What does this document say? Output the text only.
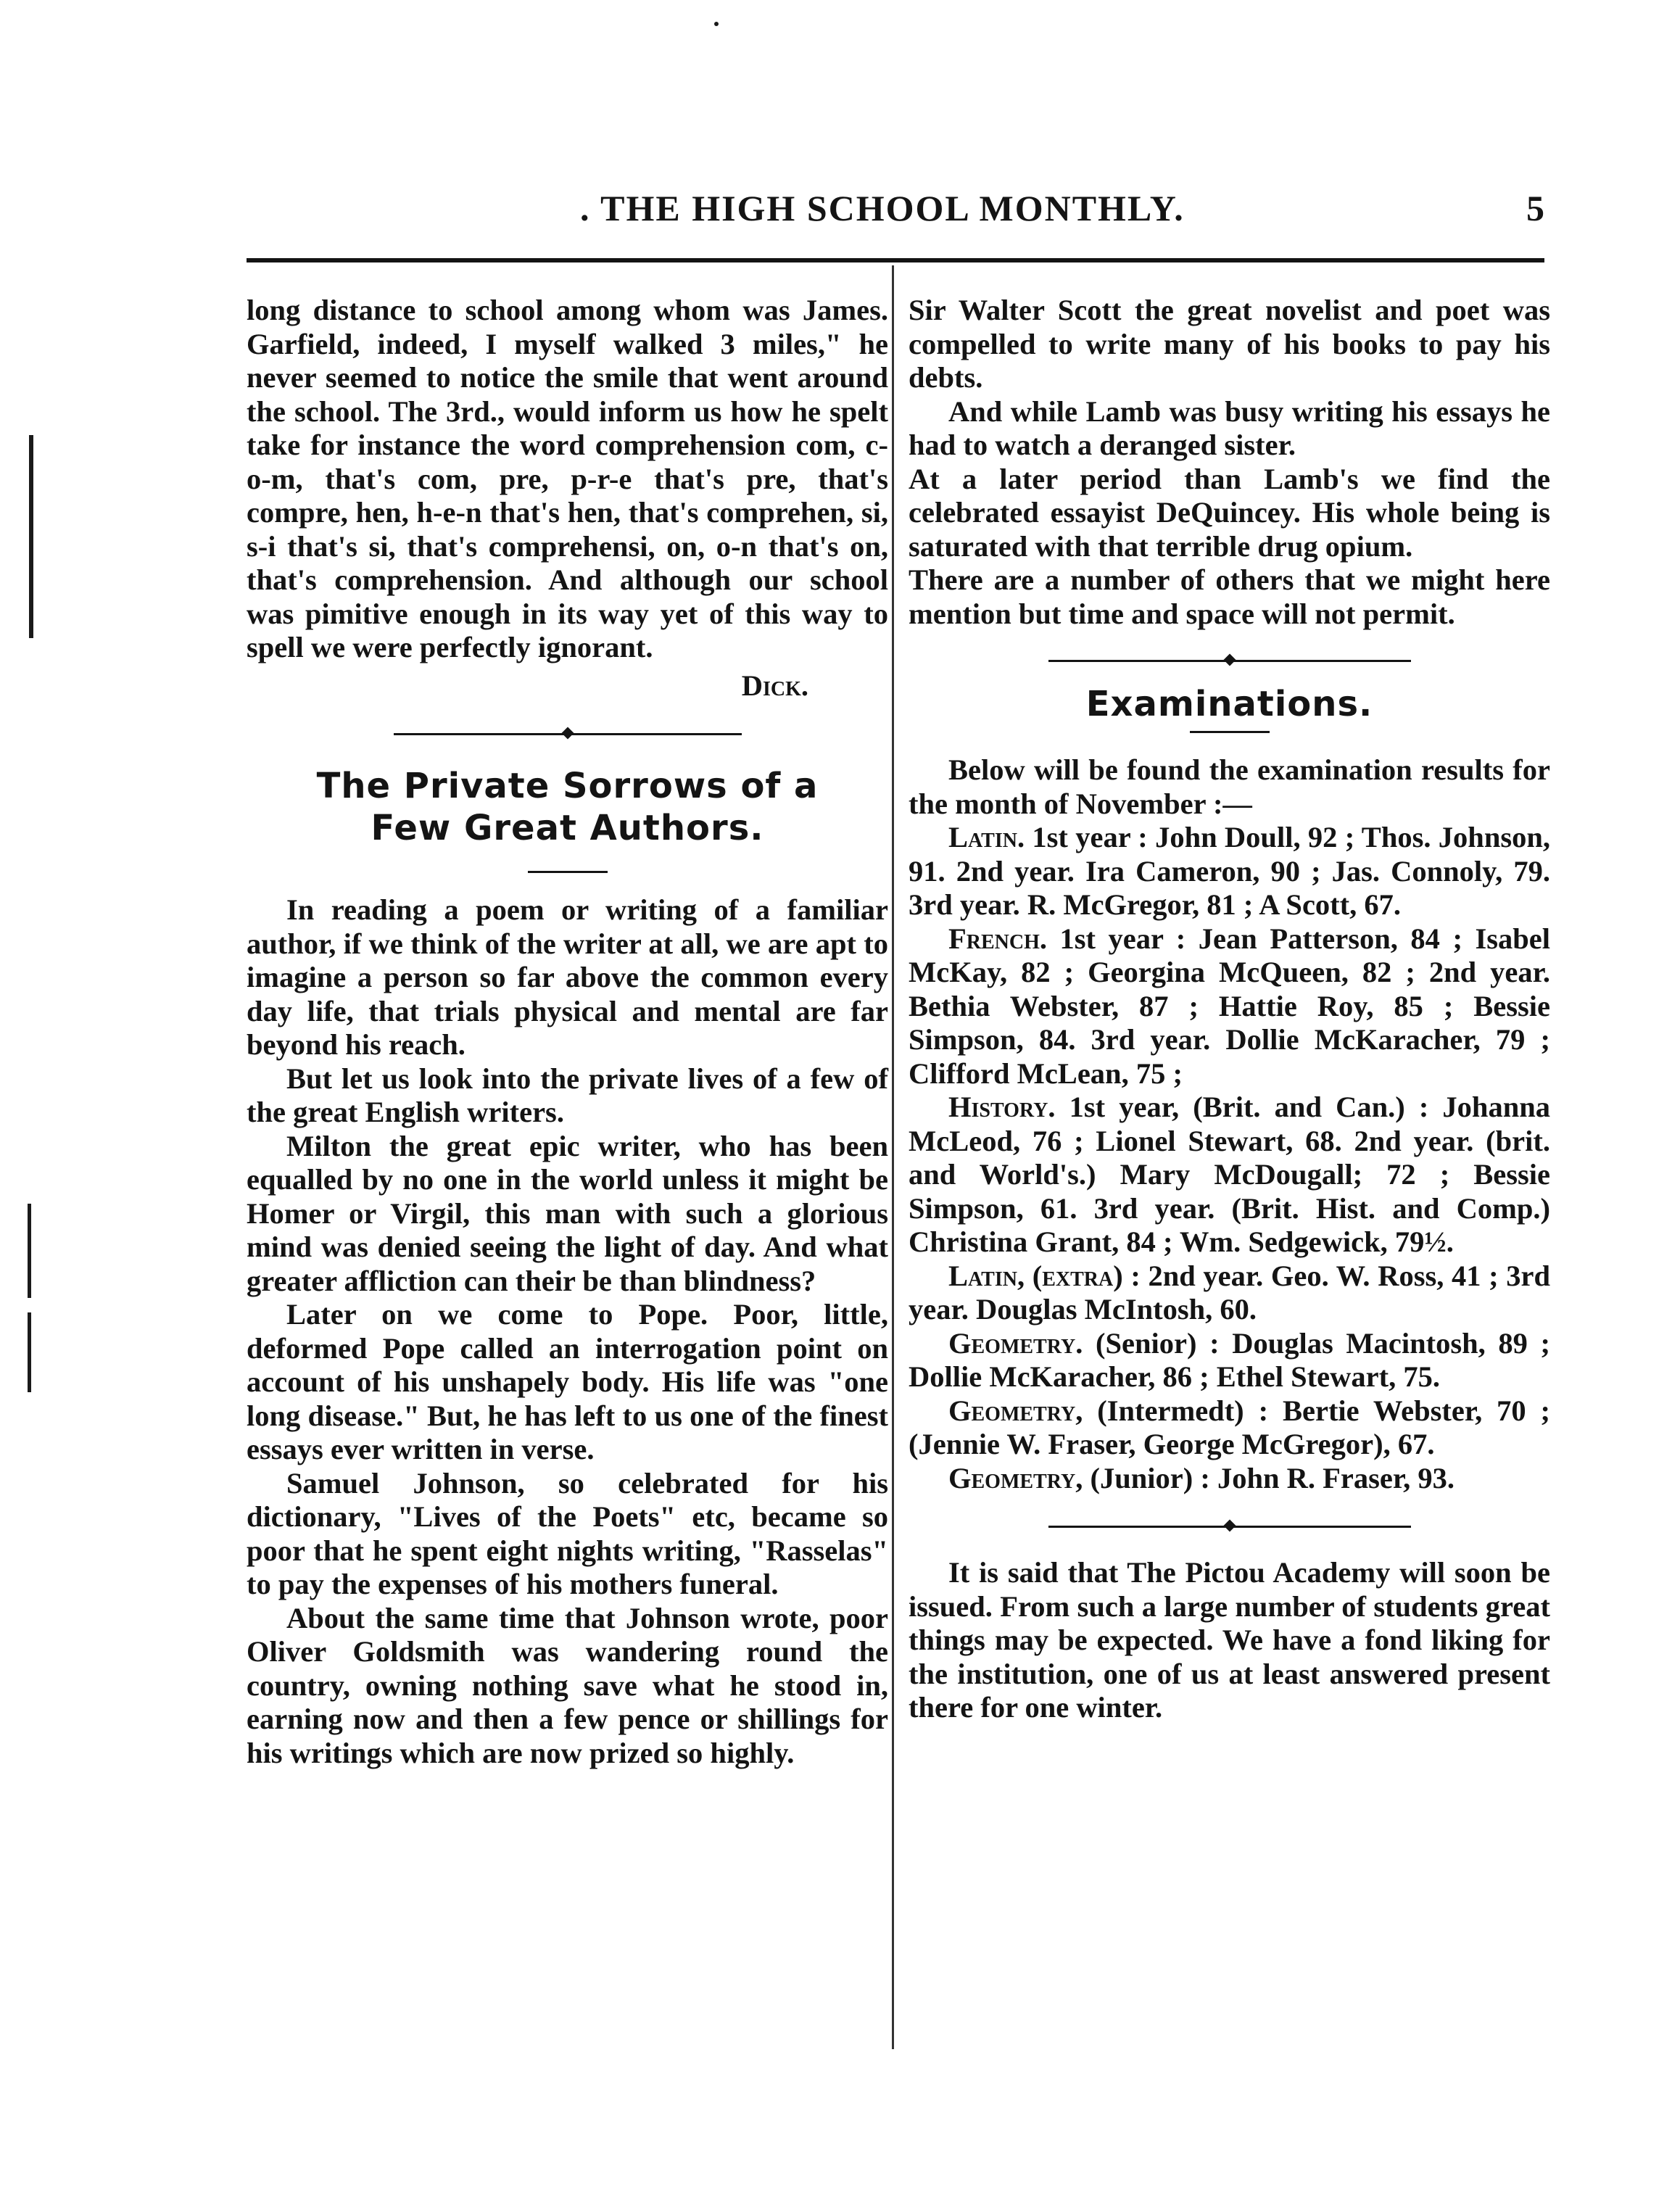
. THE HIGH SCHOOL MONTHLY.	5

long distance to school among whom was James. Garfield, indeed, I myself walked 3 miles," he never seemed to notice the smile that went around the school. The 3rd., would inform us how he spelt take for instance the word comprehension com, c-o-m, that's com, pre, p-r-e that's pre, that's compre, hen, h-e-n that's hen, that's comprehen, si, s-i that's si, that's comprehensi, on, o-n that's on, that's comprehension. And although our school was pimitive enough in its way yet of this way to spell we were perfectly ignorant.

Dick.
The Private Sorrows of a
Few Great Authors.

In reading a poem or writing of a familiar author, if we think of the writer at all, we are apt to imagine a person so far above the common every day life, that trials physical and mental are far beyond his reach.

But let us look into the private lives of a few of the great English writers.

Milton the great epic writer, who has been equalled by no one in the world unless it might be Homer or Virgil, this man with such a glorious mind was denied seeing the light of day. And what greater affliction can their be than blindness?

Later on we come to Pope. Poor, little, deformed Pope called an interrogation point on account of his unshapely body. His life was "one long disease." But, he has left to us one of the finest essays ever written in verse.

Samuel Johnson, so celebrated for his dictionary, "Lives of the Poets" etc, became so poor that he spent eight nights writing, "Rasselas" to pay the expenses of his mothers funeral.

About the same time that Johnson wrote, poor Oliver Goldsmith was wandering round the country, owning nothing save what he stood in, earning now and then a few pence or shillings for his writings which are now prized so highly.

Sir Walter Scott the great novelist and poet was compelled to write many of his books to pay his debts.

And while Lamb was busy writing his essays he had to watch a deranged sister.

At a later period than Lamb's we find the celebrated essayist DeQuincey. His whole being is saturated with that terrible drug opium.

There are a number of others that we might here mention but time and space will not permit.

Examinations.

Below will be found the examination results for the month of November :—

Latin. 1st year : John Doull, 92 ; Thos. Johnson, 91. 2nd year. Ira Cameron, 90 ; Jas. Connoly, 79. 3rd year. R. McGregor, 81 ; A Scott, 67.

French. 1st year : Jean Patterson, 84 ; Isabel McKay, 82 ; Georgina McQueen, 82 ; 2nd year. Bethia Webster, 87 ; Hattie Roy, 85 ; Bessie Simpson, 84. 3rd year. Dollie McKaracher, 79 ; Clifford McLean, 75 ;

History. 1st year, (Brit. and Can.) : Johanna McLeod, 76 ; Lionel Stewart, 68. 2nd year. (brit. and World's.) Mary McDougall; 72 ; Bessie Simpson, 61. 3rd year. (Brit. Hist. and Comp.) Christina Grant, 84 ; Wm. Sedgewick, 79½.

Latin, (extra) : 2nd year. Geo. W. Ross, 41 ; 3rd year. Douglas McIntosh, 60.

Geometry. (Senior) : Douglas Macintosh, 89 ; Dollie McKaracher, 86 ; Ethel Stewart, 75.

Geometry, (Intermedt) : Bertie Webster, 70 ; (Jennie W. Fraser, George McGregor), 67.

Geometry, (Junior) : John R. Fraser, 93.

It is said that The Pictou Academy will soon be issued. From such a large number of students great things may be expected. We have a fond liking for the institution, one of us at least answered present there for one winter.
